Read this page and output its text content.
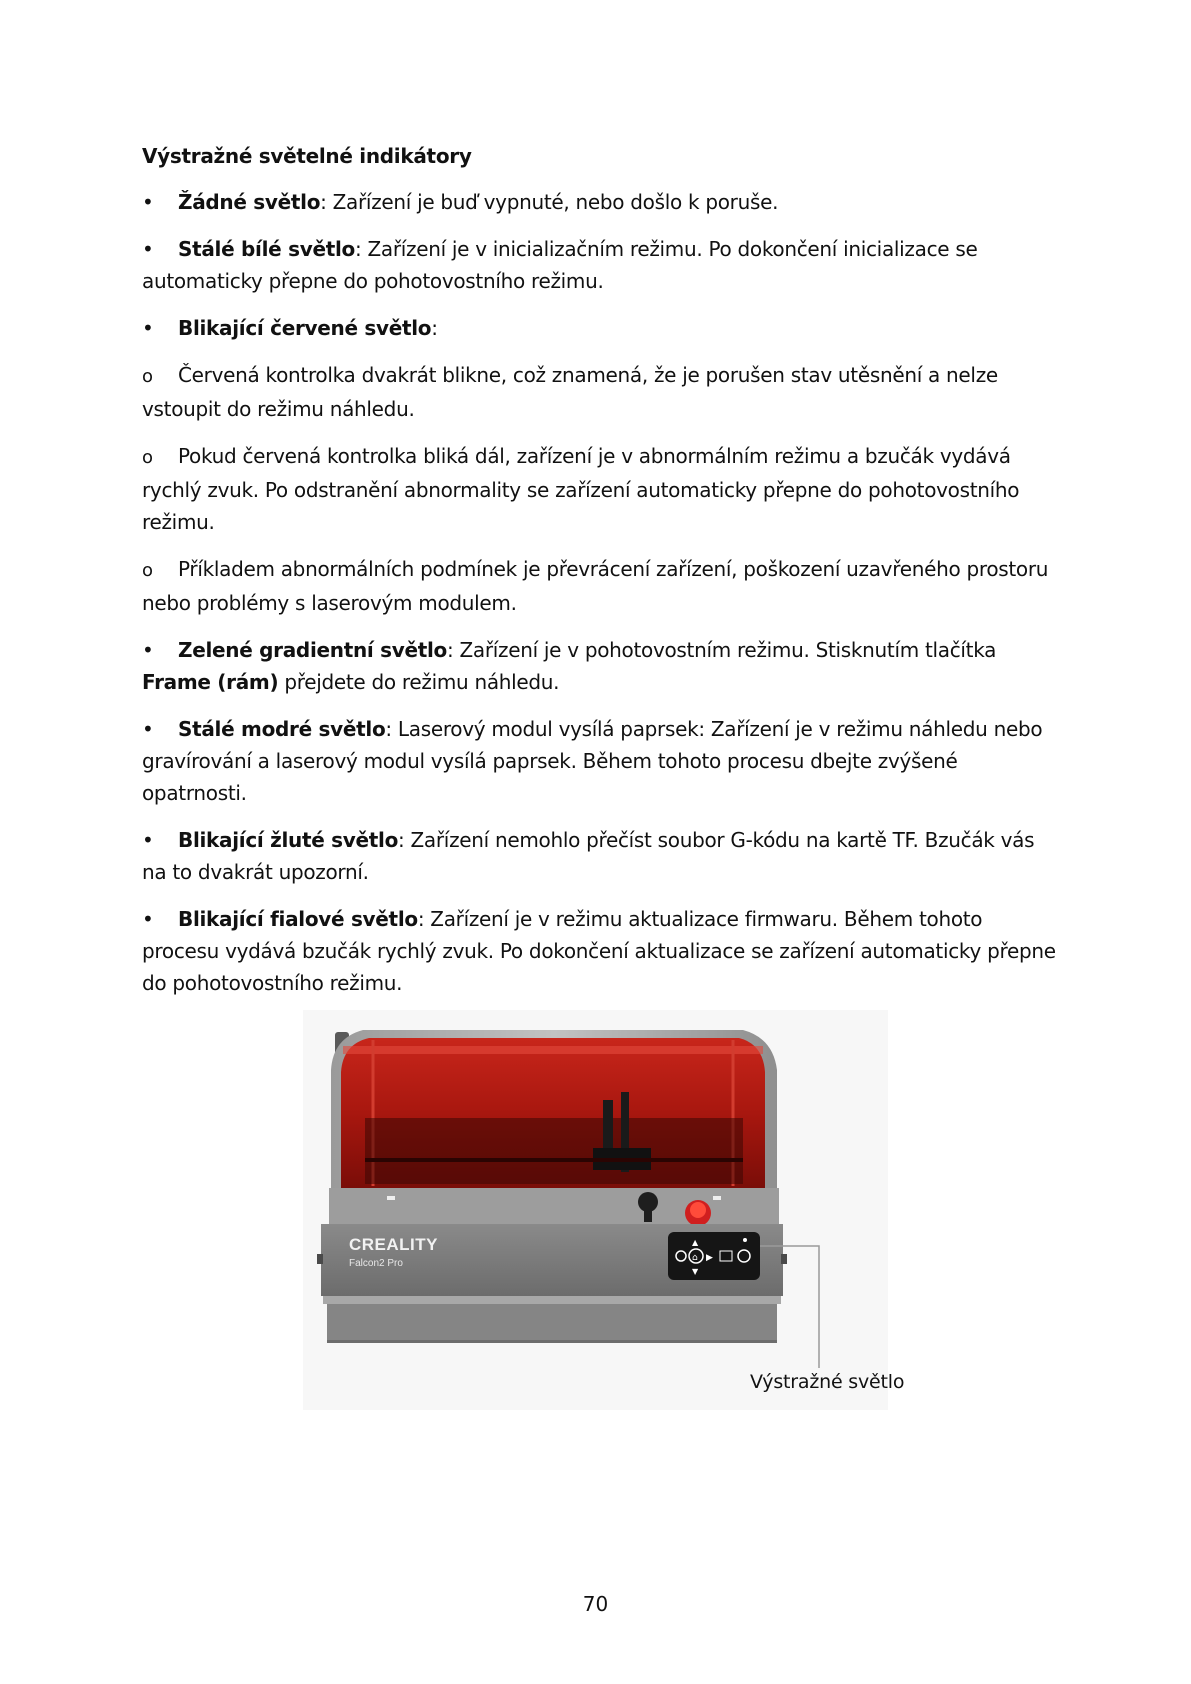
Výstražné světelné indikátory

• Žádné světlo: Zařízení je buď vypnuté, nebo došlo k poruše.

• Stálé bílé světlo: Zařízení je v inicializačním režimu. Po dokončení inicializace se automaticky přepne do pohotovostního režimu.

• Blikající červené světlo:

o Červená kontrolka dvakrát blikne, což znamená, že je porušen stav utěsnění a nelze vstoupit do režimu náhledu.

o Pokud červená kontrolka bliká dál, zařízení je v abnormálním režimu a bzučák vydává rychlý zvuk. Po odstranění abnormality se zařízení automaticky přepne do pohotovostního režimu.

o Příkladem abnormálních podmínek je převrácení zařízení, poškození uzavřeného prostoru nebo problémy s laserovým modulem.

• Zelené gradientní světlo: Zařízení je v pohotovostním režimu. Stisknutím tlačítka Frame (rám) přejdete do režimu náhledu.

• Stálé modré světlo: Laserový modul vysílá paprsek: Zařízení je v režimu náhledu nebo gravírování a laserový modul vysílá paprsek. Během tohoto procesu dbejte zvýšené opatrnosti.

• Blikající žluté světlo: Zařízení nemohlo přečíst soubor G-kódu na kartě TF. Bzučák vás na to dvakrát upozorní.

• Blikající fialové světlo: Zařízení je v režimu aktualizace firmwaru. Během tohoto procesu vydává bzučák rychlý zvuk. Po dokončení aktualizace se zařízení automaticky přepne do pohotovostního režimu.

CREALITY
Falcon2 Pro	⌂ ▶
▲
▼
Výstražné světlo
70
